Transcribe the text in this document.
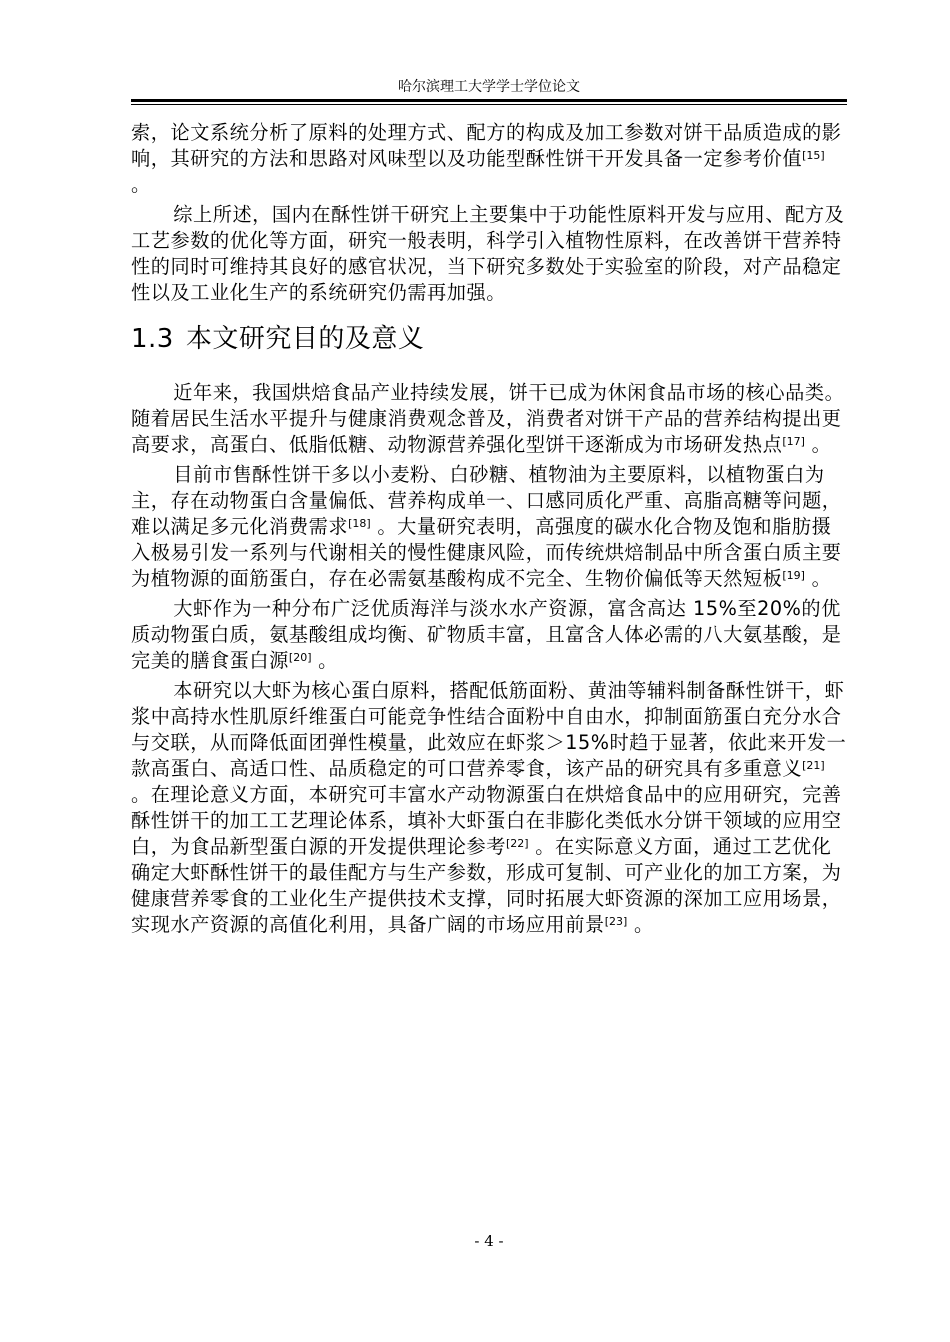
哈尔滨理工大学学士学位论文

索，论文系统分析了原料的处理方式、配方的构成及加工参数对饼干品质造成的影响，其研究的方法和思路对风味型以及功能型酥性饼干开发具备一定参考价值[15] 。

综上所述，国内在酥性饼干研究上主要集中于功能性原料开发与应用、配方及工艺参数的优化等方面，研究一般表明，科学引入植物性原料，在改善饼干营养特性的同时可维持其良好的感官状况，当下研究多数处于实验室的阶段，对产品稳定性以及工业化生产的系统研究仍需再加强。

1.3 本文研究目的及意义

近年来，我国烘焙食品产业持续发展，饼干已成为休闲食品市场的核心品类。随着居民生活水平提升与健康消费观念普及，消费者对饼干产品的营养结构提出更高要求，高蛋白、低脂低糖、动物源营养强化型饼干逐渐成为市场研发热点[17] 。

目前市售酥性饼干多以小麦粉、白砂糖、植物油为主要原料，以植物蛋白为主，存在动物蛋白含量偏低、营养构成单一、口感同质化严重、高脂高糖等问题，难以满足多元化消费需求[18] 。大量研究表明，高强度的碳水化合物及饱和脂肪摄入极易引发一系列与代谢相关的慢性健康风险，而传统烘焙制品中所含蛋白质主要为植物源的面筋蛋白，存在必需氨基酸构成不完全、生物价偏低等天然短板[19] 。

大虾作为一种分布广泛优质海洋与淡水水产资源，富含高达 15%至20%的优质动物蛋白质，氨基酸组成均衡、矿物质丰富，且富含人体必需的八大氨基酸，是完美的膳食蛋白源[20] 。

本研究以大虾为核心蛋白原料，搭配低筋面粉、黄油等辅料制备酥性饼干，虾浆中高持水性肌原纤维蛋白可能竞争性结合面粉中自由水，抑制面筋蛋白充分水合与交联，从而降低面团弹性模量，此效应在虾浆＞15%时趋于显著，依此来开发一款高蛋白、高适口性、品质稳定的可口营养零食，该产品的研究具有多重意义[21] 。在理论意义方面，本研究可丰富水产动物源蛋白在烘焙食品中的应用研究，完善酥性饼干的加工工艺理论体系，填补大虾蛋白在非膨化类低水分饼干领域的应用空白，为食品新型蛋白源的开发提供理论参考[22] 。在实际意义方面，通过工艺优化确定大虾酥性饼干的最佳配方与生产参数，形成可复制、可产业化的加工方案，为健康营养零食的工业化生产提供技术支撑，同时拓展大虾资源的深加工应用场景，实现水产资源的高值化利用，具备广阔的市场应用前景[23] 。

- 4 -
